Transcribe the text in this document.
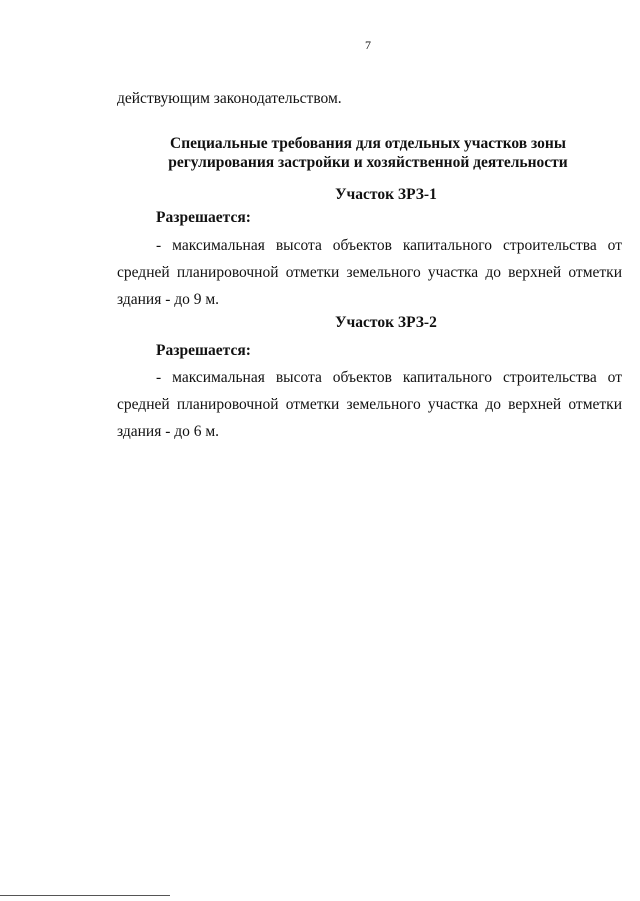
7
действующим законодательством.
Специальные требования для отдельных участков зоны
регулирования застройки и хозяйственной деятельности
Участок ЗРЗ-1
Разрешается:
- максимальная высота объектов капитального строительства от
средней планировочной отметки земельного участка до верхней отметки
здания - до 9 м.
Участок ЗРЗ-2
Разрешается:
- максимальная высота объектов капитального строительства от
средней планировочной отметки земельного участка до верхней отметки
здания - до 6 м.
